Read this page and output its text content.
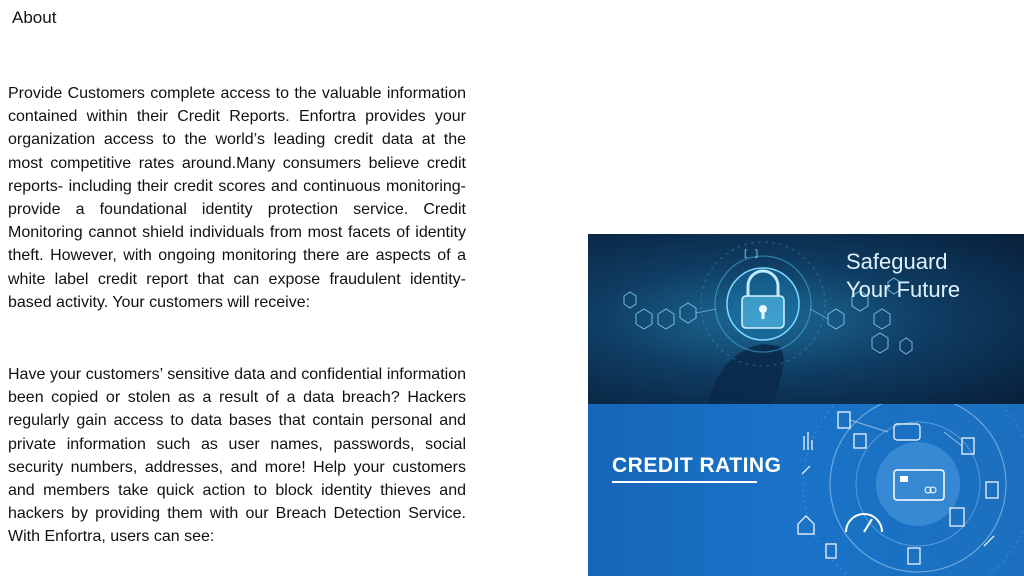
About

Provide Customers complete access to the valuable information contained within their Credit Reports. Enfortra provides your organization access to the world’s leading credit data at the most competitive rates around.Many consumers believe credit reports- including their credit scores and continuous monitoring-provide a foundational identity protection service. Credit Monitoring cannot shield individuals from most facets of identity theft. However, with ongoing monitoring there are aspects of a white label credit report that can expose fraudulent identity-based activity. Your customers will receive:

Have your customers’ sensitive data and confidential information been copied or stolen as a result of a data breach? Hackers regularly gain access to data bases that contain personal and private information such as user names, passwords, social security numbers, addresses, and more! Help your customers and members take quick action to block identity thieves and hackers by providing them with our Breach Detection Service. With Enfortra, users can see:

[ ]	Safeguard
Your Future
CREDIT RATING
